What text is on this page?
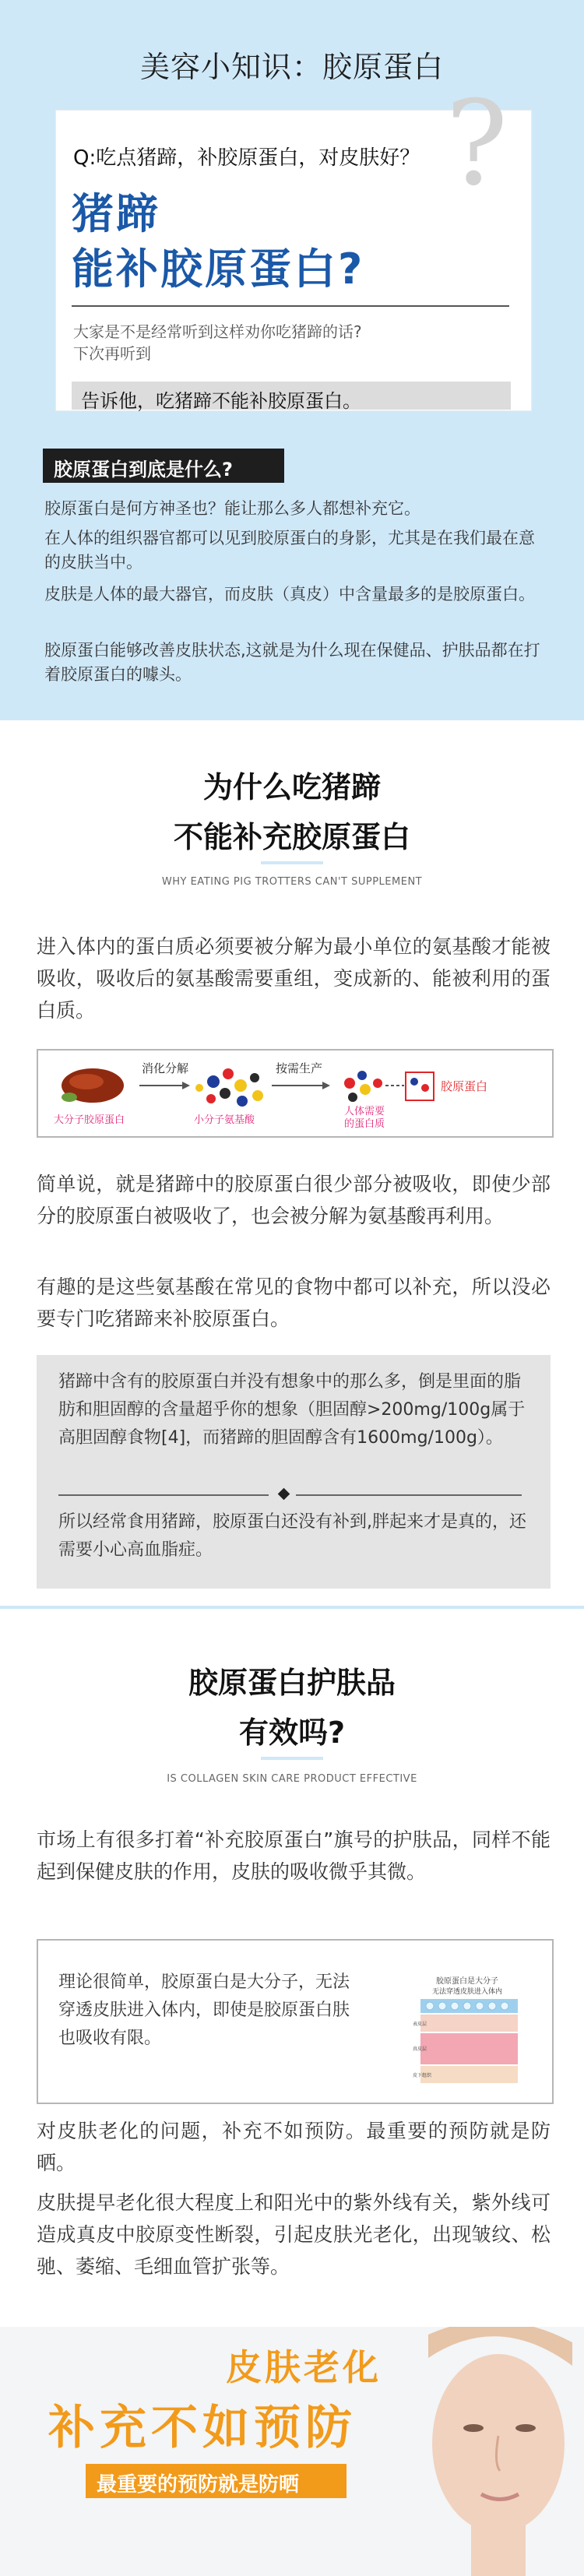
美容小知识：胶原蛋白
?
Q:吃点猪蹄，补胶原蛋白，对皮肤好？
猪蹄
能补胶原蛋白?
大家是不是经常听到这样劝你吃猪蹄的话?
下次再听到
告诉他，吃猪蹄不能补胶原蛋白。
胶原蛋白到底是什么?
胶原蛋白是何方神圣也？能让那么多人都想补充它。
在人体的组织器官都可以见到胶原蛋白的身影，尤其是在我们最在意的皮肤当中。
皮肤是人体的最大器官，而皮肤（真皮）中含量最多的是胶原蛋白。
胶原蛋白能够改善皮肤状态,这就是为什么现在保健品、护肤品都在打着胶原蛋白的噱头。
为什么吃猪蹄
不能补充胶原蛋白
WHY EATING PIG TROTTERS CAN'T SUPPLEMENT
进入体内的蛋白质必须要被分解为最小单位的氨基酸才能被吸收，吸收后的氨基酸需要重组，变成新的、能被利用的蛋白质。
消化分解	按需生产
胶原蛋白
大分子胶原蛋白	小分子氨基酸
人体需要
的蛋白质
简单说，就是猪蹄中的胶原蛋白很少部分被吸收，即使少部分的胶原蛋白被吸收了，也会被分解为氨基酸再利用。
有趣的是这些氨基酸在常见的食物中都可以补充，所以没必要专门吃猪蹄来补胶原蛋白。
猪蹄中含有的胶原蛋白并没有想象中的那么多，倒是里面的脂肪和胆固醇的含量超乎你的想象（胆固醇>200mg/100g属于高胆固醇食物[4]，而猪蹄的胆固醇含有1600mg/100g）。
所以经常食用猪蹄，胶原蛋白还没有补到,胖起来才是真的，还需要小心高血脂症。
胶原蛋白护肤品
有效吗?
IS COLLAGEN SKIN CARE PRODUCT EFFECTIVE
市场上有很多打着“补充胶原蛋白”旗号的护肤品，同样不能起到保健皮肤的作用，皮肤的吸收微乎其微。
理论很简单，胶原蛋白是大分子，无法穿透皮肤进入体内，即使是胶原蛋白肤也吸收有限。
胶原蛋白是大分子
无法穿透皮肤进入体内
表皮层
真皮层
皮下组织
对皮肤老化的问题，补充不如预防。最重要的预防就是防晒。
皮肤提早老化很大程度上和阳光中的紫外线有关，紫外线可造成真皮中胶原变性断裂，引起皮肤光老化，出现皱纹、松驰、萎缩、毛细血管扩张等。
皮肤老化
补充不如预防
最重要的预防就是防晒
